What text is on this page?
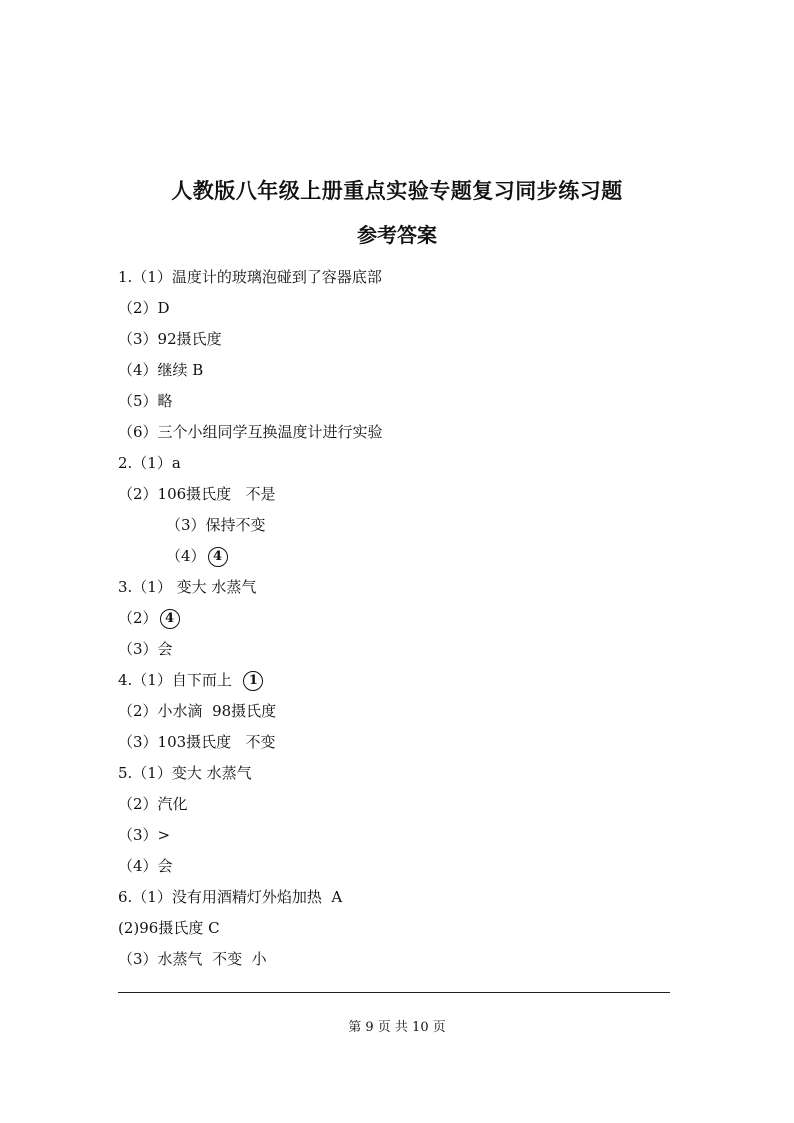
人教版八年级上册重点实验专题复习同步练习题
参考答案
1.（1）温度计的玻璃泡碰到了容器底部
（2）D
（3）92摄氏度
（4）继续 B
（5）略
（6）三个小组同学互换温度计进行实验
2.（1）a
（2）106摄氏度   不是
（3）保持不变
（4） 4
3.（1） 变大 水蒸气
（2） 4
（3）会
4.（1）自下而上  1
（2）小水滴  98摄氏度
（3）103摄氏度   不变
5.（1）变大 水蒸气
（2）汽化
（3）>
（4）会
6.（1）没有用酒精灯外焰加热  A
(2)96摄氏度 C
（3）水蒸气  不变  小
第 9 页 共 10 页
